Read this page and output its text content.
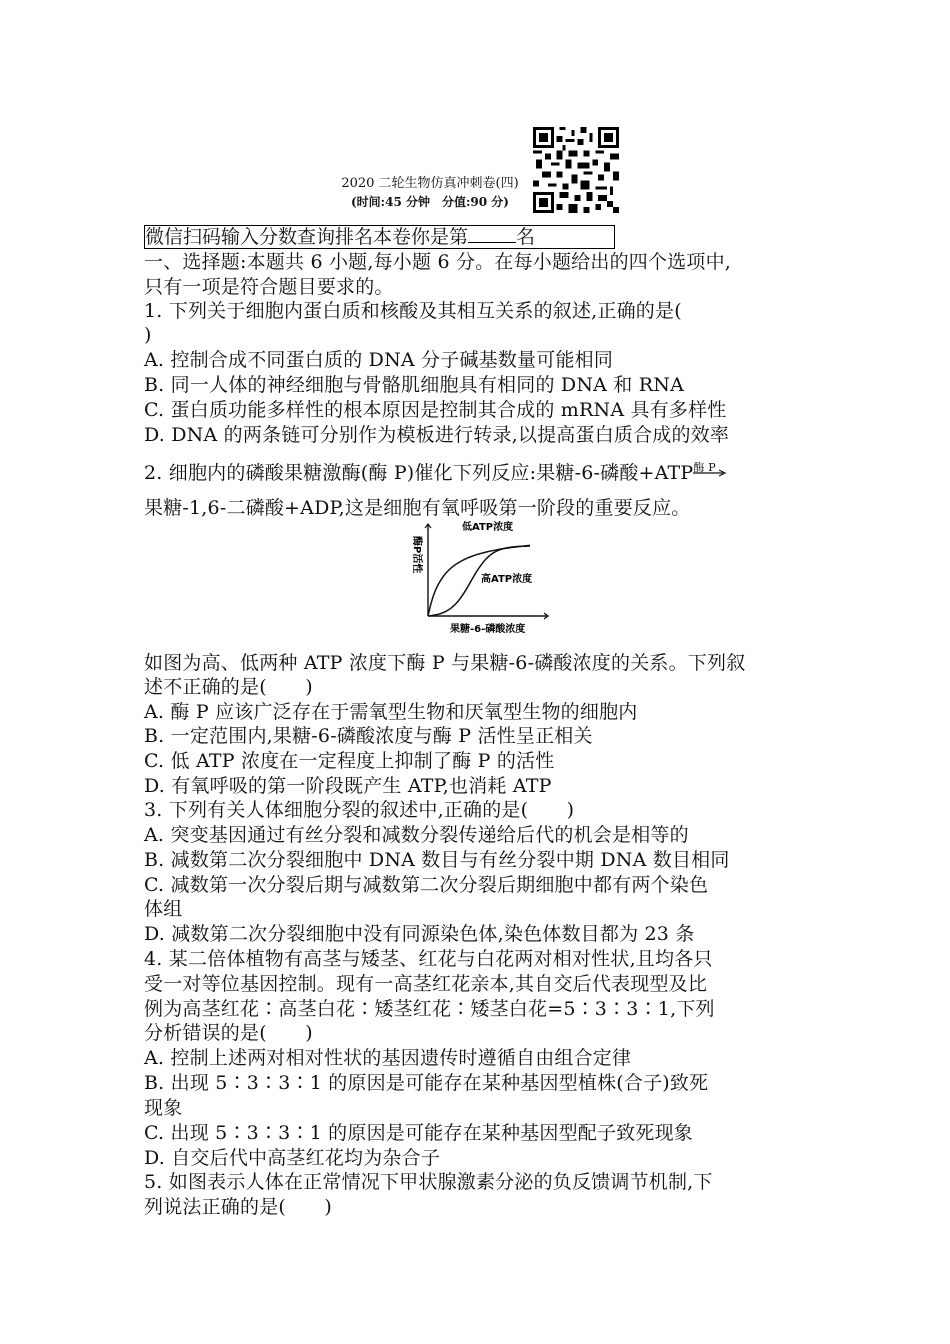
2020 二轮生物仿真冲刺卷(四)
(时间:45 分钟　分值:90 分)
微信扫码输入分数查询排名本卷你是第	名
一、选择题:本题共 6 小题,每小题 6 分。在每小题给出的四个选项中,
只有一项是符合题目要求的。
1. 下列关于细胞内蛋白质和核酸及其相互关系的叙述,正确的是(
)
A. 控制合成不同蛋白质的 DNA 分子碱基数量可能相同
B. 同一人体的神经细胞与骨骼肌细胞具有相同的 DNA 和 RNA
C. 蛋白质功能多样性的根本原因是控制其合成的 mRNA 具有多样性
D. DNA 的两条链可分别作为模板进行转录,以提高蛋白质合成的效率
2. 细胞内的磷酸果糖激酶(酶 P)催化下列反应:果糖-6-磷酸+ATP 酶 P
果糖-1,6-二磷酸+ADP,这是细胞有氧呼吸第一阶段的重要反应。
低ATP浓度
高ATP浓度
果糖-6-磷酸浓度
酶P活性
如图为高、低两种 ATP 浓度下酶 P 与果糖-6-磷酸浓度的关系。下列叙
述不正确的是(　　)
A. 酶 P 应该广泛存在于需氧型生物和厌氧型生物的细胞内
B. 一定范围内,果糖-6-磷酸浓度与酶 P 活性呈正相关
C. 低 ATP 浓度在一定程度上抑制了酶 P 的活性
D. 有氧呼吸的第一阶段既产生 ATP,也消耗 ATP
3. 下列有关人体细胞分裂的叙述中,正确的是(　　)
A. 突变基因通过有丝分裂和减数分裂传递给后代的机会是相等的
B. 减数第二次分裂细胞中 DNA 数目与有丝分裂中期 DNA 数目相同
C. 减数第一次分裂后期与减数第二次分裂后期细胞中都有两个染色
体组
D. 减数第二次分裂细胞中没有同源染色体,染色体数目都为 23 条
4. 某二倍体植物有高茎与矮茎、红花与白花两对相对性状,且均各只
受一对等位基因控制。现有一高茎红花亲本,其自交后代表现型及比
例为高茎红花∶高茎白花∶矮茎红花∶矮茎白花=5∶3∶3∶1,下列
分析错误的是(　　)
A. 控制上述两对相对性状的基因遗传时遵循自由组合定律
B. 出现 5∶3∶3∶1 的原因是可能存在某种基因型植株(合子)致死
现象
C. 出现 5∶3∶3∶1 的原因是可能存在某种基因型配子致死现象
D. 自交后代中高茎红花均为杂合子
5. 如图表示人体在正常情况下甲状腺激素分泌的负反馈调节机制,下
列说法正确的是(　　)
